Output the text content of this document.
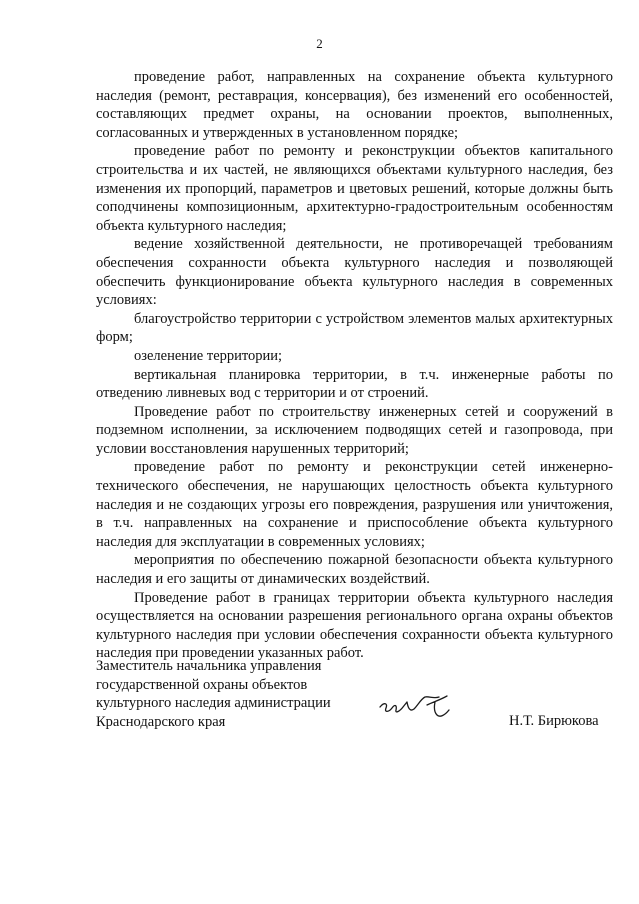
2

проведение работ, направленных на сохранение объекта культурного наследия (ремонт, реставрация, консервация), без изменений его особенностей, составляющих предмет охраны, на основании проектов, выполненных, согласованных и утвержденных в установленном порядке;

проведение работ по ремонту и реконструкции объектов капитального строительства и их частей, не являющихся объектами культурного наследия, без изменения их пропорций, параметров и цветовых решений, которые должны быть соподчинены композиционным, архитектурно-градостроительным особенностям объекта культурного наследия;

ведение хозяйственной деятельности, не противоречащей требованиям обеспечения сохранности объекта культурного наследия и позволяющей обеспечить функционирование объекта культурного наследия в современных условиях:

благоустройство территории с устройством элементов малых архитектурных форм;

озеленение территории;

вертикальная планировка территории, в т.ч. инженерные работы по отведению ливневых вод с территории и от строений.

Проведение работ по строительству инженерных сетей и сооружений в подземном исполнении, за исключением подводящих сетей и газопровода, при условии восстановления нарушенных территорий;

проведение работ по ремонту и реконструкции сетей инженерно-технического обеспечения, не нарушающих целостность объекта культурного наследия и не создающих угрозы его повреждения, разрушения или уничтожения, в т.ч. направленных на сохранение и приспособление объекта культурного наследия для эксплуатации в современных условиях;

мероприятия по обеспечению пожарной безопасности объекта культурного наследия и его защиты от динамических воздействий.

Проведение работ в границах территории объекта культурного наследия осуществляется на основании разрешения регионального органа охраны объектов культурного наследия при условии обеспечения сохранности объекта культурного наследия при проведении указанных работ.

Заместитель начальника управления
государственной охраны объектов
культурного наследия администрации
Краснодарского края	Н.Т. Бирюкова
